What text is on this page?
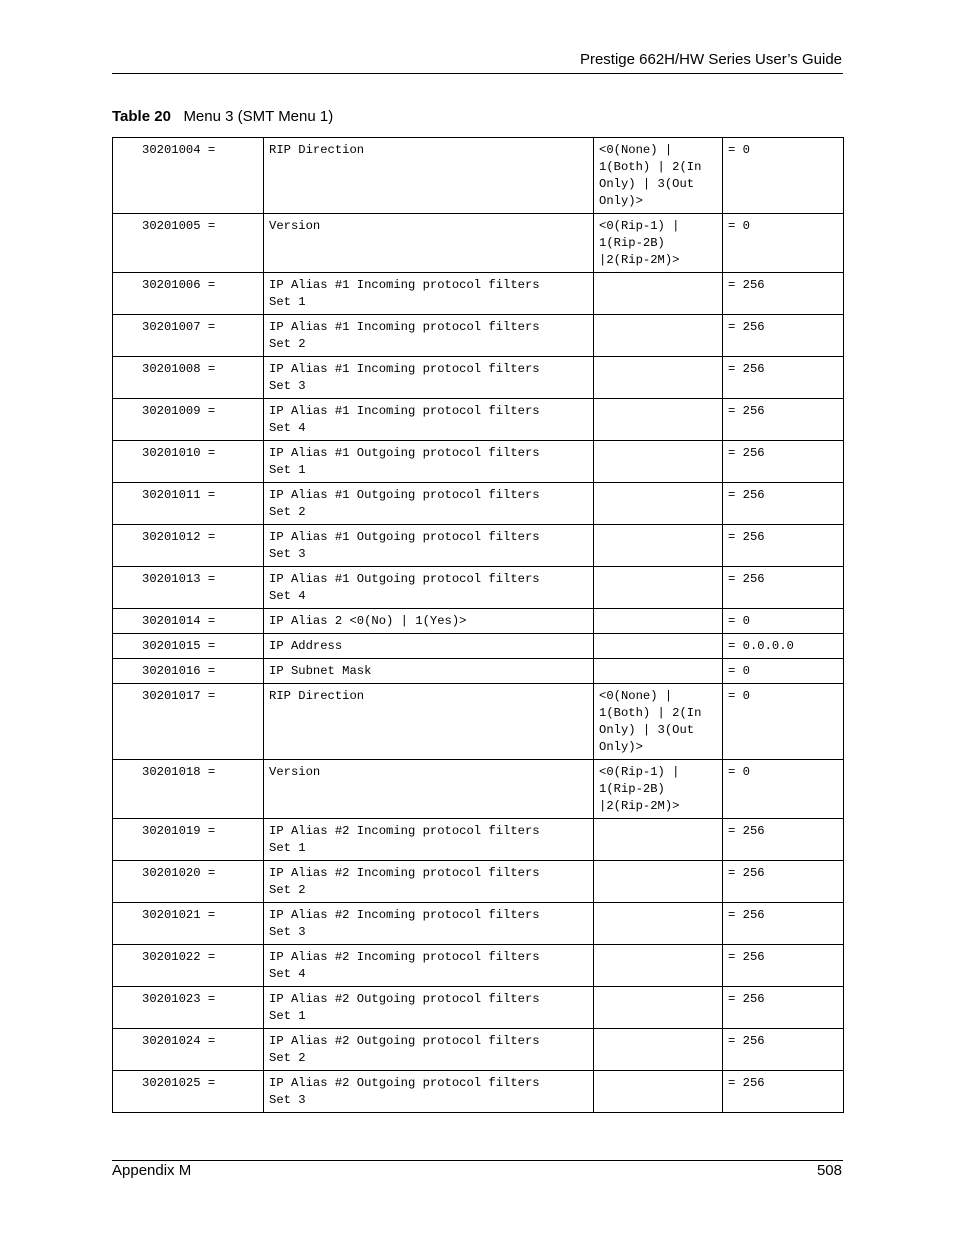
Prestige 662H/HW Series User’s Guide
Table 20 Menu 3 (SMT Menu 1)
30201004 =	RIP Direction	<0(None) |
1(Both) | 2(In
Only) | 3(Out
Only)>	= 0
30201005 =	Version	<0(Rip-1) |
1(Rip-2B)
|2(Rip-2M)>	= 0
30201006 =	IP Alias #1 Incoming protocol filters
Set 1		= 256
30201007 =	IP Alias #1 Incoming protocol filters
Set 2		= 256
30201008 =	IP Alias #1 Incoming protocol filters
Set 3		= 256
30201009 =	IP Alias #1 Incoming protocol filters
Set 4		= 256
30201010 =	IP Alias #1 Outgoing protocol filters
Set 1		= 256
30201011 =	IP Alias #1 Outgoing protocol filters
Set 2		= 256
30201012 =	IP Alias #1 Outgoing protocol filters
Set 3		= 256
30201013 =	IP Alias #1 Outgoing protocol filters
Set 4		= 256
30201014 =	IP Alias 2 <0(No) | 1(Yes)>		= 0
30201015 =	IP Address		= 0.0.0.0
30201016 =	IP Subnet Mask		= 0
30201017 =	RIP Direction	<0(None) |
1(Both) | 2(In
Only) | 3(Out
Only)>	= 0
30201018 =	Version	<0(Rip-1) |
1(Rip-2B)
|2(Rip-2M)>	= 0
30201019 =	IP Alias #2 Incoming protocol filters
Set 1		= 256
30201020 =	IP Alias #2 Incoming protocol filters
Set 2		= 256
30201021 =	IP Alias #2 Incoming protocol filters
Set 3		= 256
30201022 =	IP Alias #2 Incoming protocol filters
Set 4		= 256
30201023 =	IP Alias #2 Outgoing protocol filters
Set 1		= 256
30201024 =	IP Alias #2 Outgoing protocol filters
Set 2		= 256
30201025 =	IP Alias #2 Outgoing protocol filters
Set 3		= 256
Appendix M	508
